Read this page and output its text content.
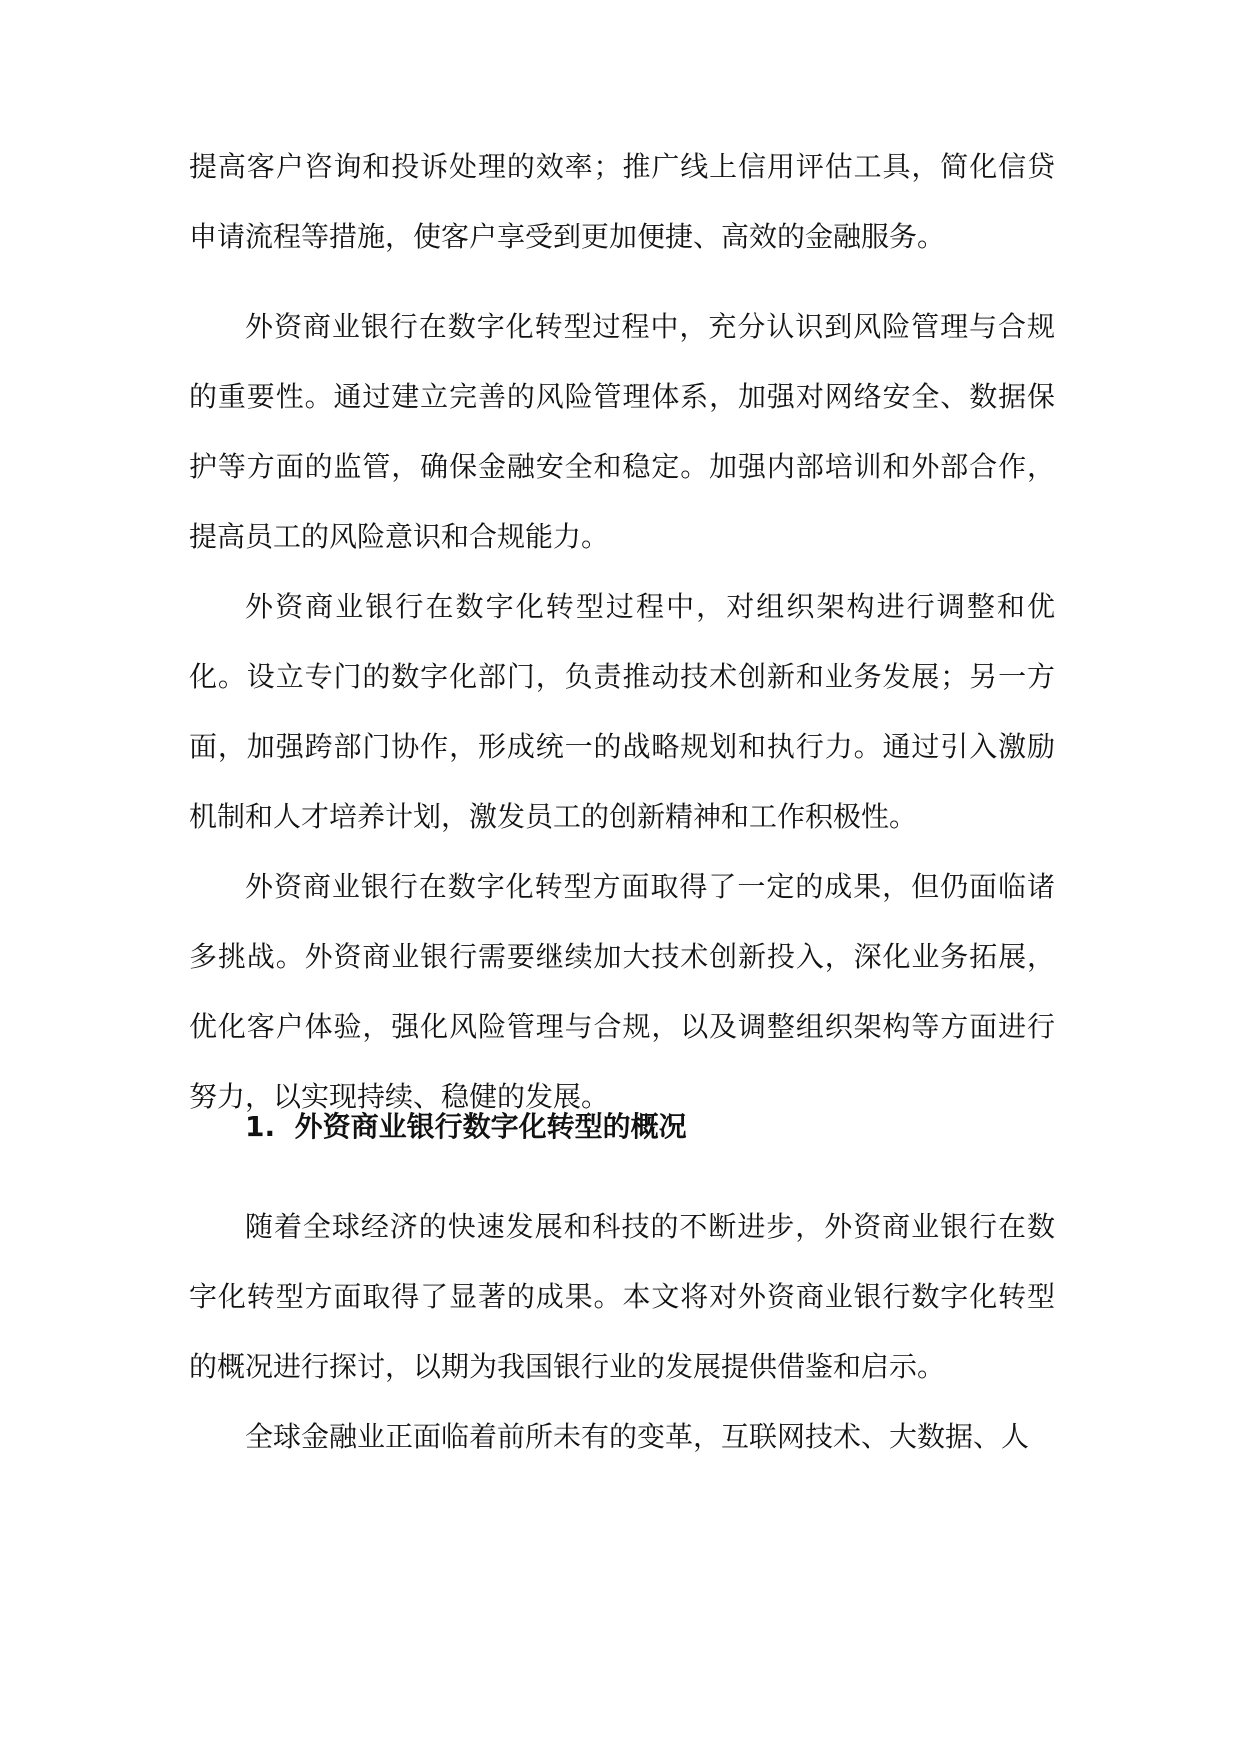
提高客户咨询和投诉处理的效率；推广线上信用评估工具，简化信贷申请流程等措施，使客户享受到更加便捷、高效的金融服务。

外资商业银行在数字化转型过程中，充分认识到风险管理与合规的重要性。通过建立完善的风险管理体系，加强对网络安全、数据保护等方面的监管，确保金融安全和稳定。加强内部培训和外部合作，提高员工的风险意识和合规能力。

外资商业银行在数字化转型过程中，对组织架构进行调整和优化。设立专门的数字化部门，负责推动技术创新和业务发展；另一方面，加强跨部门协作，形成统一的战略规划和执行力。通过引入激励机制和人才培养计划，激发员工的创新精神和工作积极性。

外资商业银行在数字化转型方面取得了一定的成果，但仍面临诸多挑战。外资商业银行需要继续加大技术创新投入，深化业务拓展，优化客户体验，强化风险管理与合规，以及调整组织架构等方面进行努力，以实现持续、稳健的发展。

1. 外资商业银行数字化转型的概况

随着全球经济的快速发展和科技的不断进步，外资商业银行在数字化转型方面取得了显著的成果。本文将对外资商业银行数字化转型的概况进行探讨，以期为我国银行业的发展提供借鉴和启示。

全球金融业正面临着前所未有的变革，互联网技术、大数据、人
